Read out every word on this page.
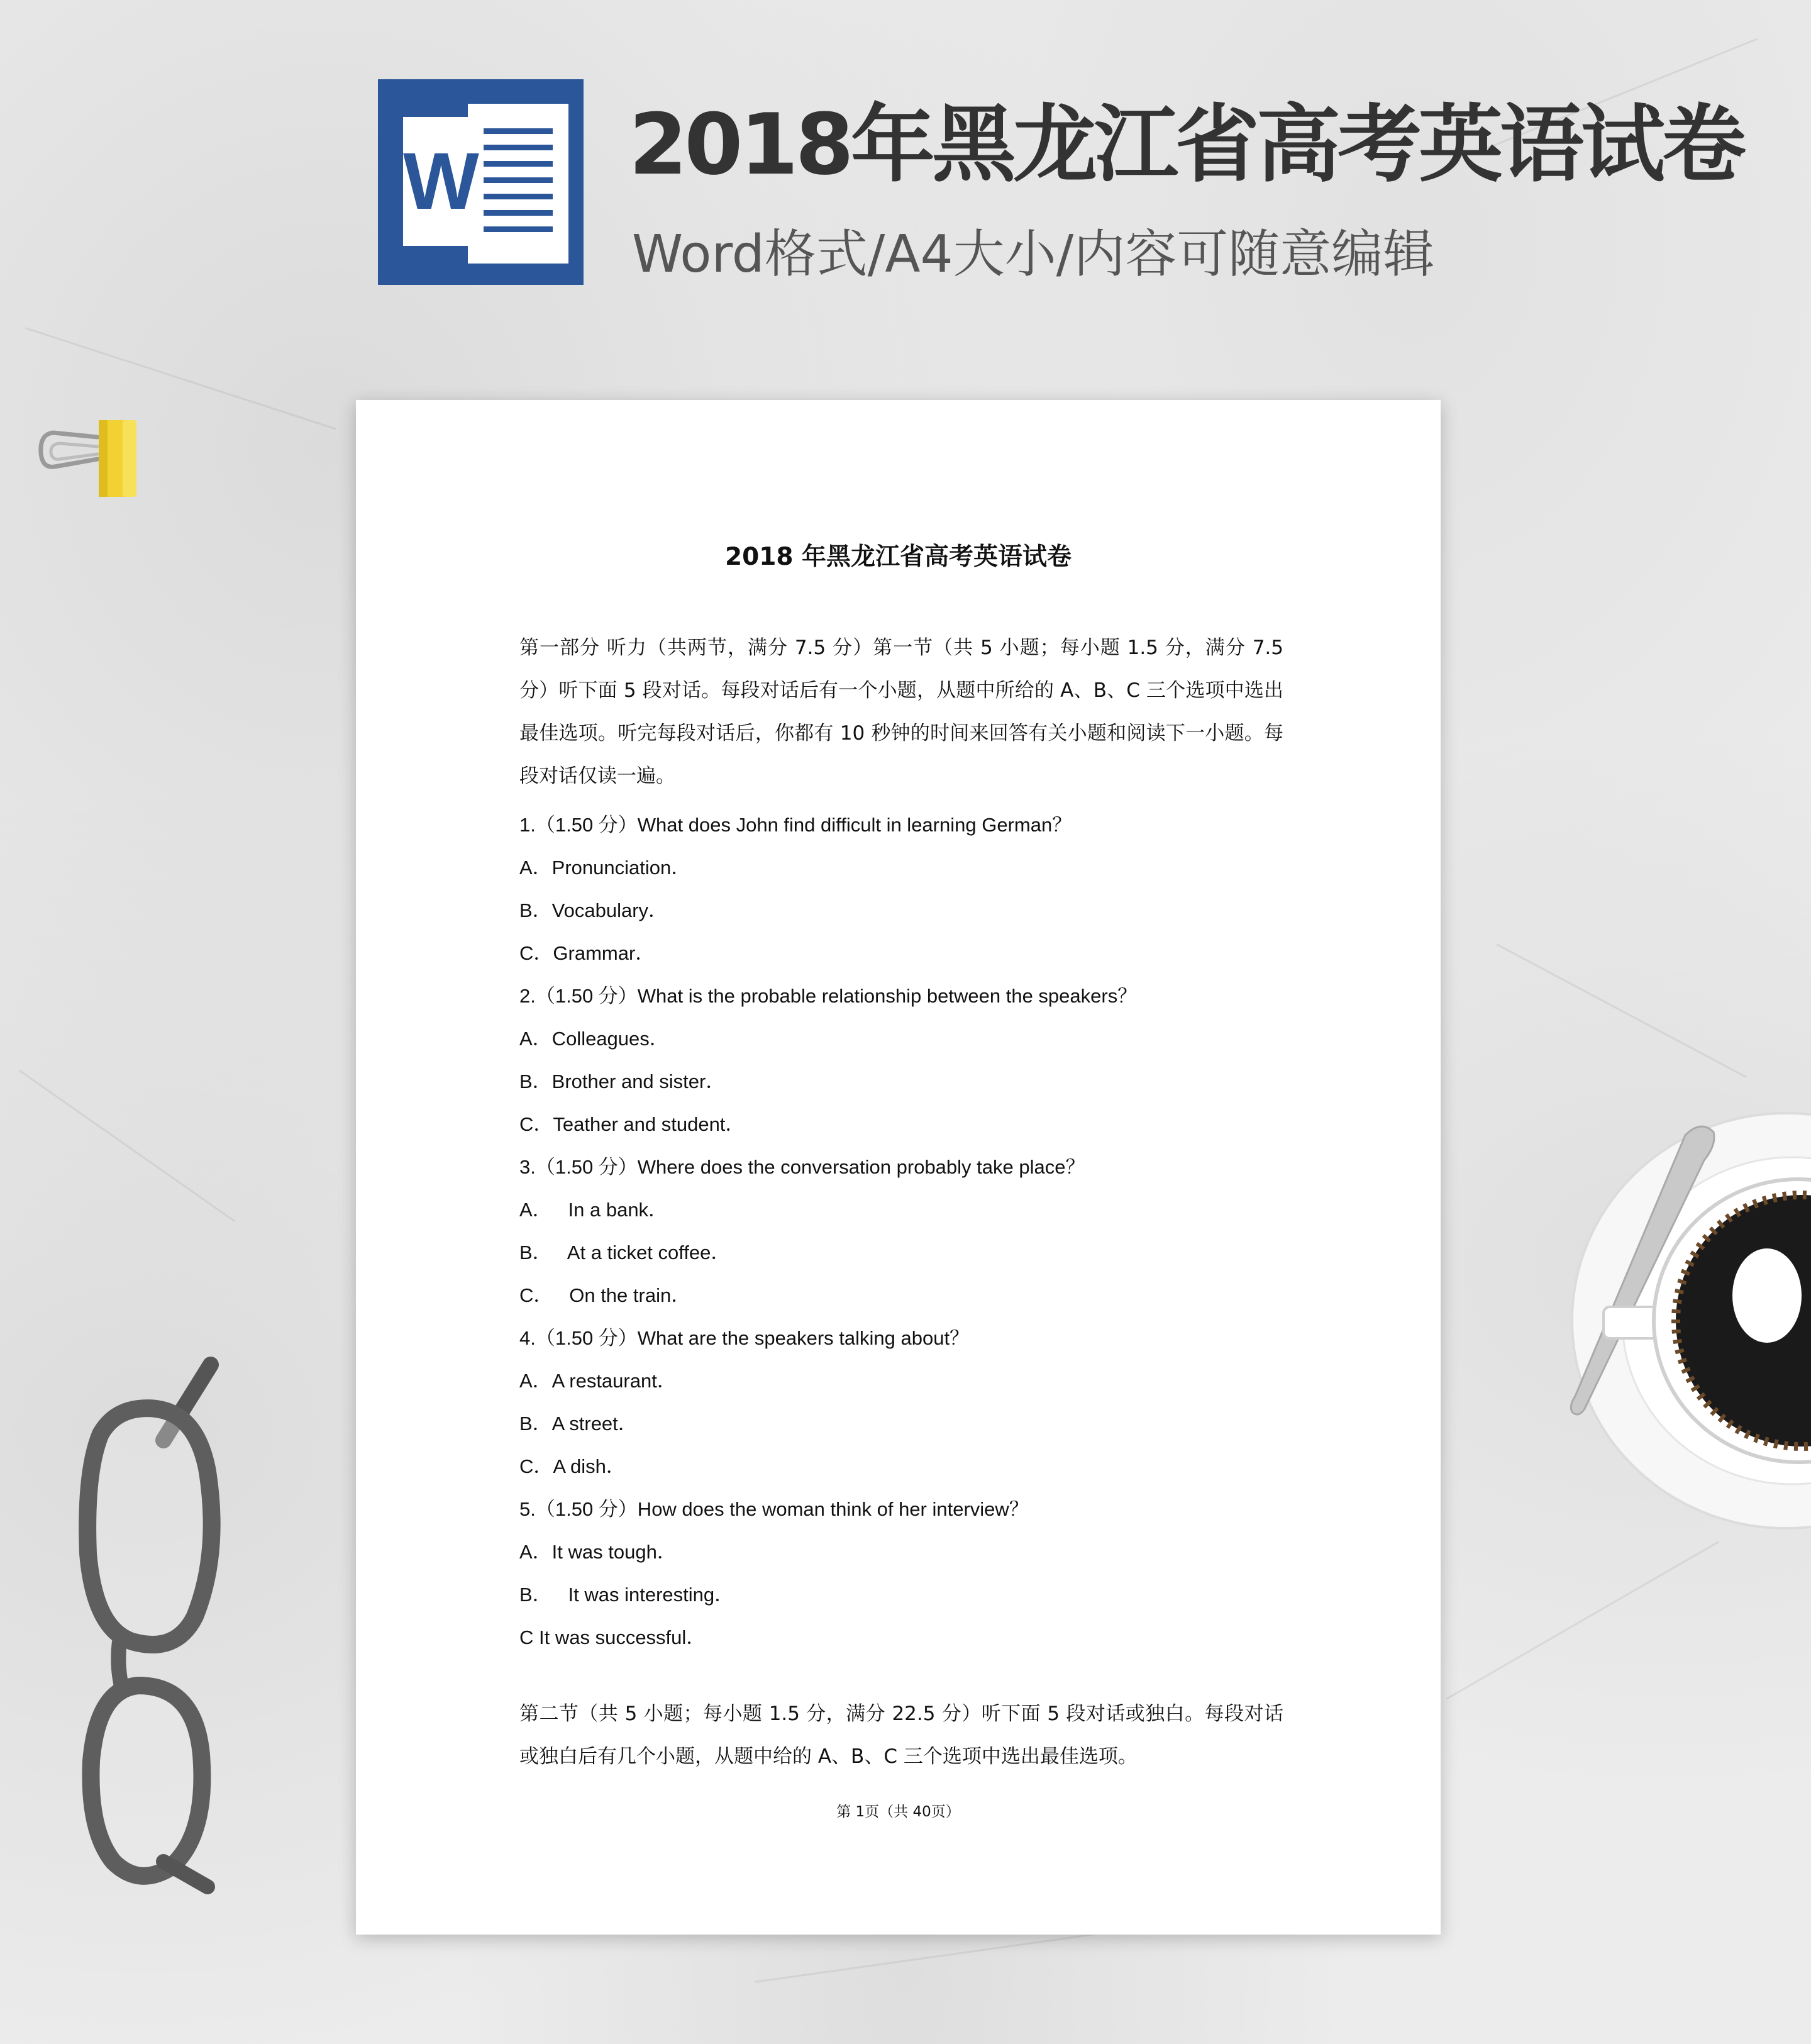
W 2018年黑龙江省高考英语试卷
Word格式/A4大小/内容可随意编辑
2018 年黑龙江省高考英语试卷
第一部分 听力（共两节，满分 7.5 分）第一节（共 5 小题；每小题 1.5 分，满分 7.5 分）听下面 5 段对话。每段对话后有一个小题，从题中所给的 A、B、C 三个选项中选出最佳选项。听完每段对话后，你都有 10 秒钟的时间来回答有关小题和阅读下一小题。每段对话仅读一遍。
1.（1.50 分）What does John find difficult in learning German？
A．Pronunciation．
B．Vocabulary．
C．Grammar．
2.（1.50 分）What is the probable relationship between the speakers？
A．Colleagues．
B．Brother and sister．
C．Teather and student．
3.（1.50 分）Where does the conversation probably take place？
A．   In a bank．
B．   At a ticket coffee．
C．   On the train．
4.（1.50 分）What are the speakers talking about？
A．A restaurant．
B．A street．
C．A dish．
5.（1.50 分）How does the woman think of her interview？
A．It was tough．
B．   It was interesting．
C It was successful．
第二节（共 5 小题；每小题 1.5 分，满分 22.5 分）听下面 5 段对话或独白。每段对话或独白后有几个小题，从题中给的 A、B、C 三个选项中选出最佳选项。
第 1页（共 40页）
